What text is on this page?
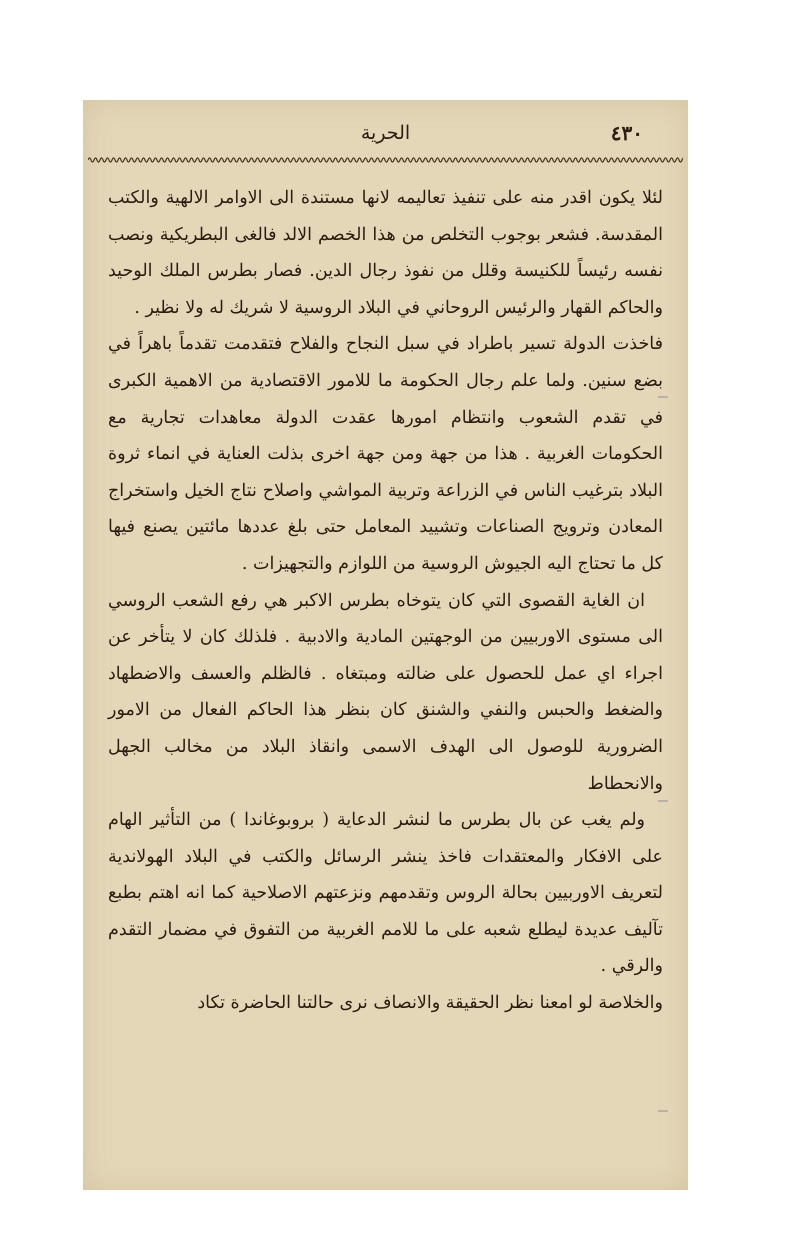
الحرية	٤٣٠

لئلا يكون اقدر منه على تنفيذ تعاليمه لانها مستندة الى الاوامر الالهية والكتب المقدسة. فشعر بوجوب التخلص من هذا الخصم الالد فالغى البطريكية ونصب نفسه رئيساً للكنيسة وقلل من نفوذ رجال الدين. فصار بطرس الملك الوحيد والحاكم القهار والرئيس الروحاني في البلاد الروسية لا شريك له ولا نظير .

فاخذت الدولة تسير باطراد في سبل النجاح والفلاح فتقدمت تقدماً باهراً في بضع سنين. ولما علم رجال الحكومة ما للامور الاقتصادية من الاهمية الكبرى في تقدم الشعوب وانتظام امورها عقدت الدولة معاهدات تجارية مع الحكومات الغربية . هذا من جهة ومن جهة اخرى بذلت العناية في انماء ثروة البلاد بترغيب الناس في الزراعة وتربية المواشي واصلاح نتاج الخيل واستخراج المعادن وترويج الصناعات وتشييد المعامل حتى بلغ عددها مائتين يصنع فيها كل ما تحتاج اليه الجيوش الروسية من اللوازم والتجهيزات .

ان الغاية القصوى التي كان يتوخاه بطرس الاكبر هي رفع الشعب الروسي الى مستوى الاوربيين من الوجهتين المادية والادبية . فلذلك كان لا يتأخر عن اجراء اي عمل للحصول على ضالته ومبتغاه . فالظلم والعسف والاضطهاد والضغط والحبس والنفي والشنق كان بنظر هذا الحاكم الفعال من الامور الضرورية للوصول الى الهدف الاسمى وانقاذ البلاد من مخالب الجهل والانحطاط

ولم يغب عن بال بطرس ما لنشر الدعاية ( بروبوغاندا ) من التأثير الهام على الافكار والمعتقدات فاخذ ينشر الرسائل والكتب في البلاد الهولاندية لتعريف الاوربيين بحالة الروس وتقدمهم ونزعتهم الاصلاحية كما انه اهتم بطبع تآليف عديدة ليطلع شعبه على ما للامم الغربية من التفوق في مضمار التقدم والرقي .

والخلاصة لو امعنا نظر الحقيقة والانصاف نرى حالتنا الحاضرة تكاد
